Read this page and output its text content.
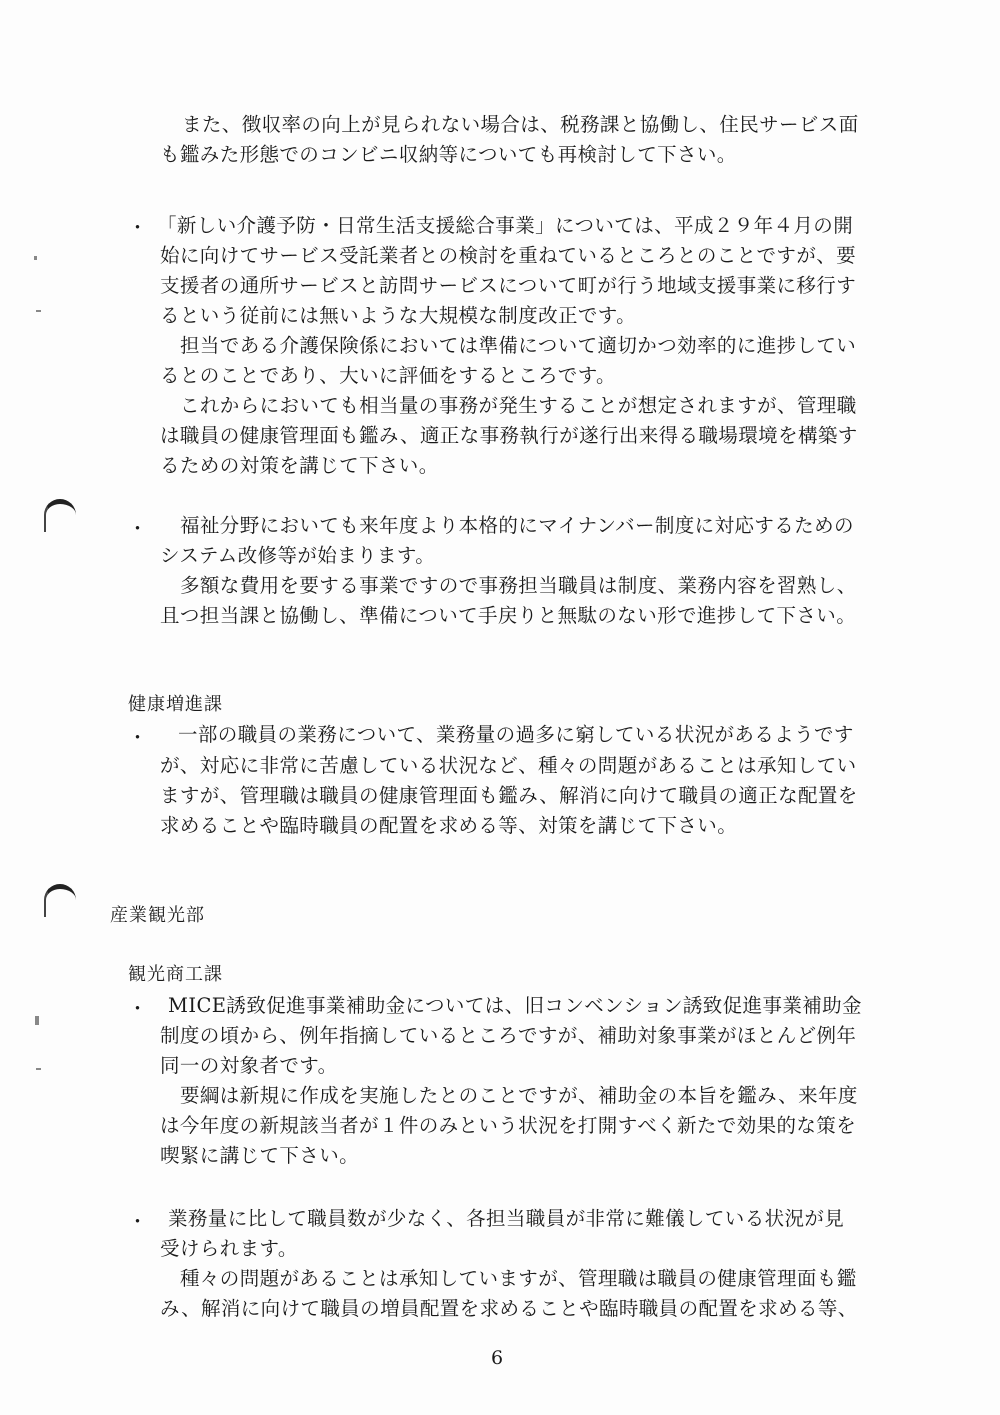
また、徴収率の向上が見られない場合は、税務課と協働し、住民サービス面
も鑑みた形態でのコンビニ収納等についても再検討して下さい。
・ 「新しい介護予防・日常生活支援総合事業」については、平成２９年４月の開
始に向けてサービス受託業者との検討を重ねているところとのことですが、要
支援者の通所サービスと訪問サービスについて町が行う地域支援事業に移行す
るという従前には無いような大規模な制度改正です。
担当である介護保険係においては準備について適切かつ効率的に進捗してい
るとのことであり、大いに評価をするところです。
これからにおいても相当量の事務が発生することが想定されますが、管理職
は職員の健康管理面も鑑み、適正な事務執行が遂行出来得る職場環境を構築す
るための対策を講じて下さい。
・ 福祉分野においても来年度より本格的にマイナンバー制度に対応するための
システム改修等が始まります。
多額な費用を要する事業ですので事務担当職員は制度、業務内容を習熟し、
且つ担当課と協働し、準備について手戻りと無駄のない形で進捗して下さい。
健康増進課
・ 一部の職員の業務について、業務量の過多に窮している状況があるようです
が、対応に非常に苦慮している状況など、種々の問題があることは承知してい
ますが、管理職は職員の健康管理面も鑑み、解消に向けて職員の適正な配置を
求めることや臨時職員の配置を求める等、対策を講じて下さい。
産業観光部
観光商工課
・ MICE誘致促進事業補助金については、旧コンベンション誘致促進事業補助金
制度の頃から、例年指摘しているところですが、補助対象事業がほとんど例年
同一の対象者です。
要綱は新規に作成を実施したとのことですが、補助金の本旨を鑑み、来年度
は今年度の新規該当者が１件のみという状況を打開すべく新たで効果的な策を
喫緊に講じて下さい。
・ 業務量に比して職員数が少なく、各担当職員が非常に難儀している状況が見
受けられます。
種々の問題があることは承知していますが、管理職は職員の健康管理面も鑑
み、解消に向けて職員の増員配置を求めることや臨時職員の配置を求める等、
6
